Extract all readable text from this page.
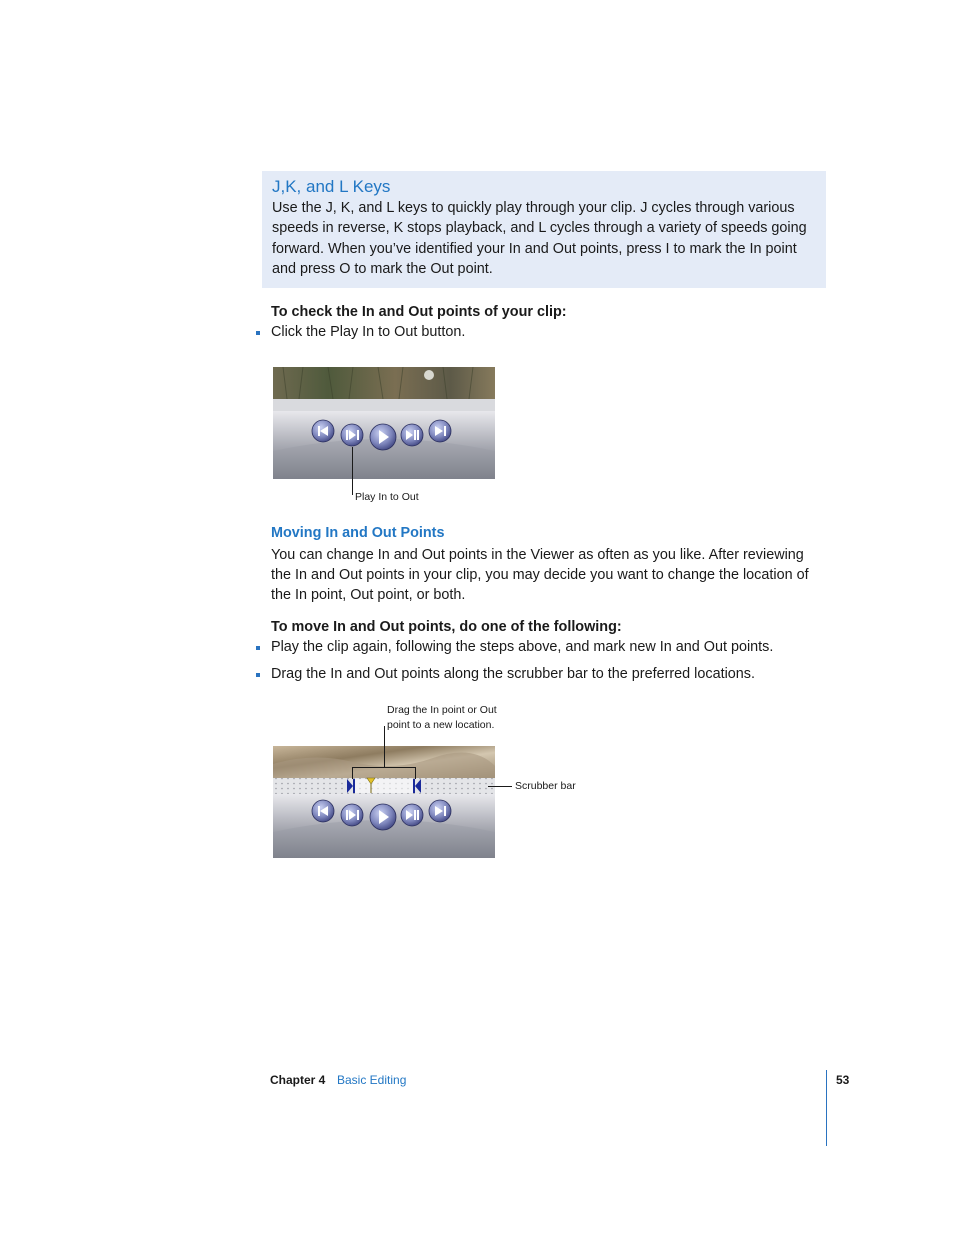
J,K, and L Keys
Use the J, K, and L keys to quickly play through your clip. J cycles through various speeds in reverse, K stops playback, and L cycles through a variety of speeds going forward. When you’ve identified your In and Out points, press I to mark the In point and press O to mark the Out point.
To check the In and Out points of your clip:
Click the Play In to Out button.
Play In to Out
Moving In and Out Points
You can change In and Out points in the Viewer as often as you like. After reviewing the In and Out points in your clip, you may decide you want to change the location of the In point, Out point, or both.
To move In and Out points, do one of the following:
Play the clip again, following the steps above, and mark new In and Out points.
Drag the In and Out points along the scrubber bar to the preferred locations.
Drag the In point or Out
point to a new location.
Scrubber bar
Chapter 4 Basic Editing	53
